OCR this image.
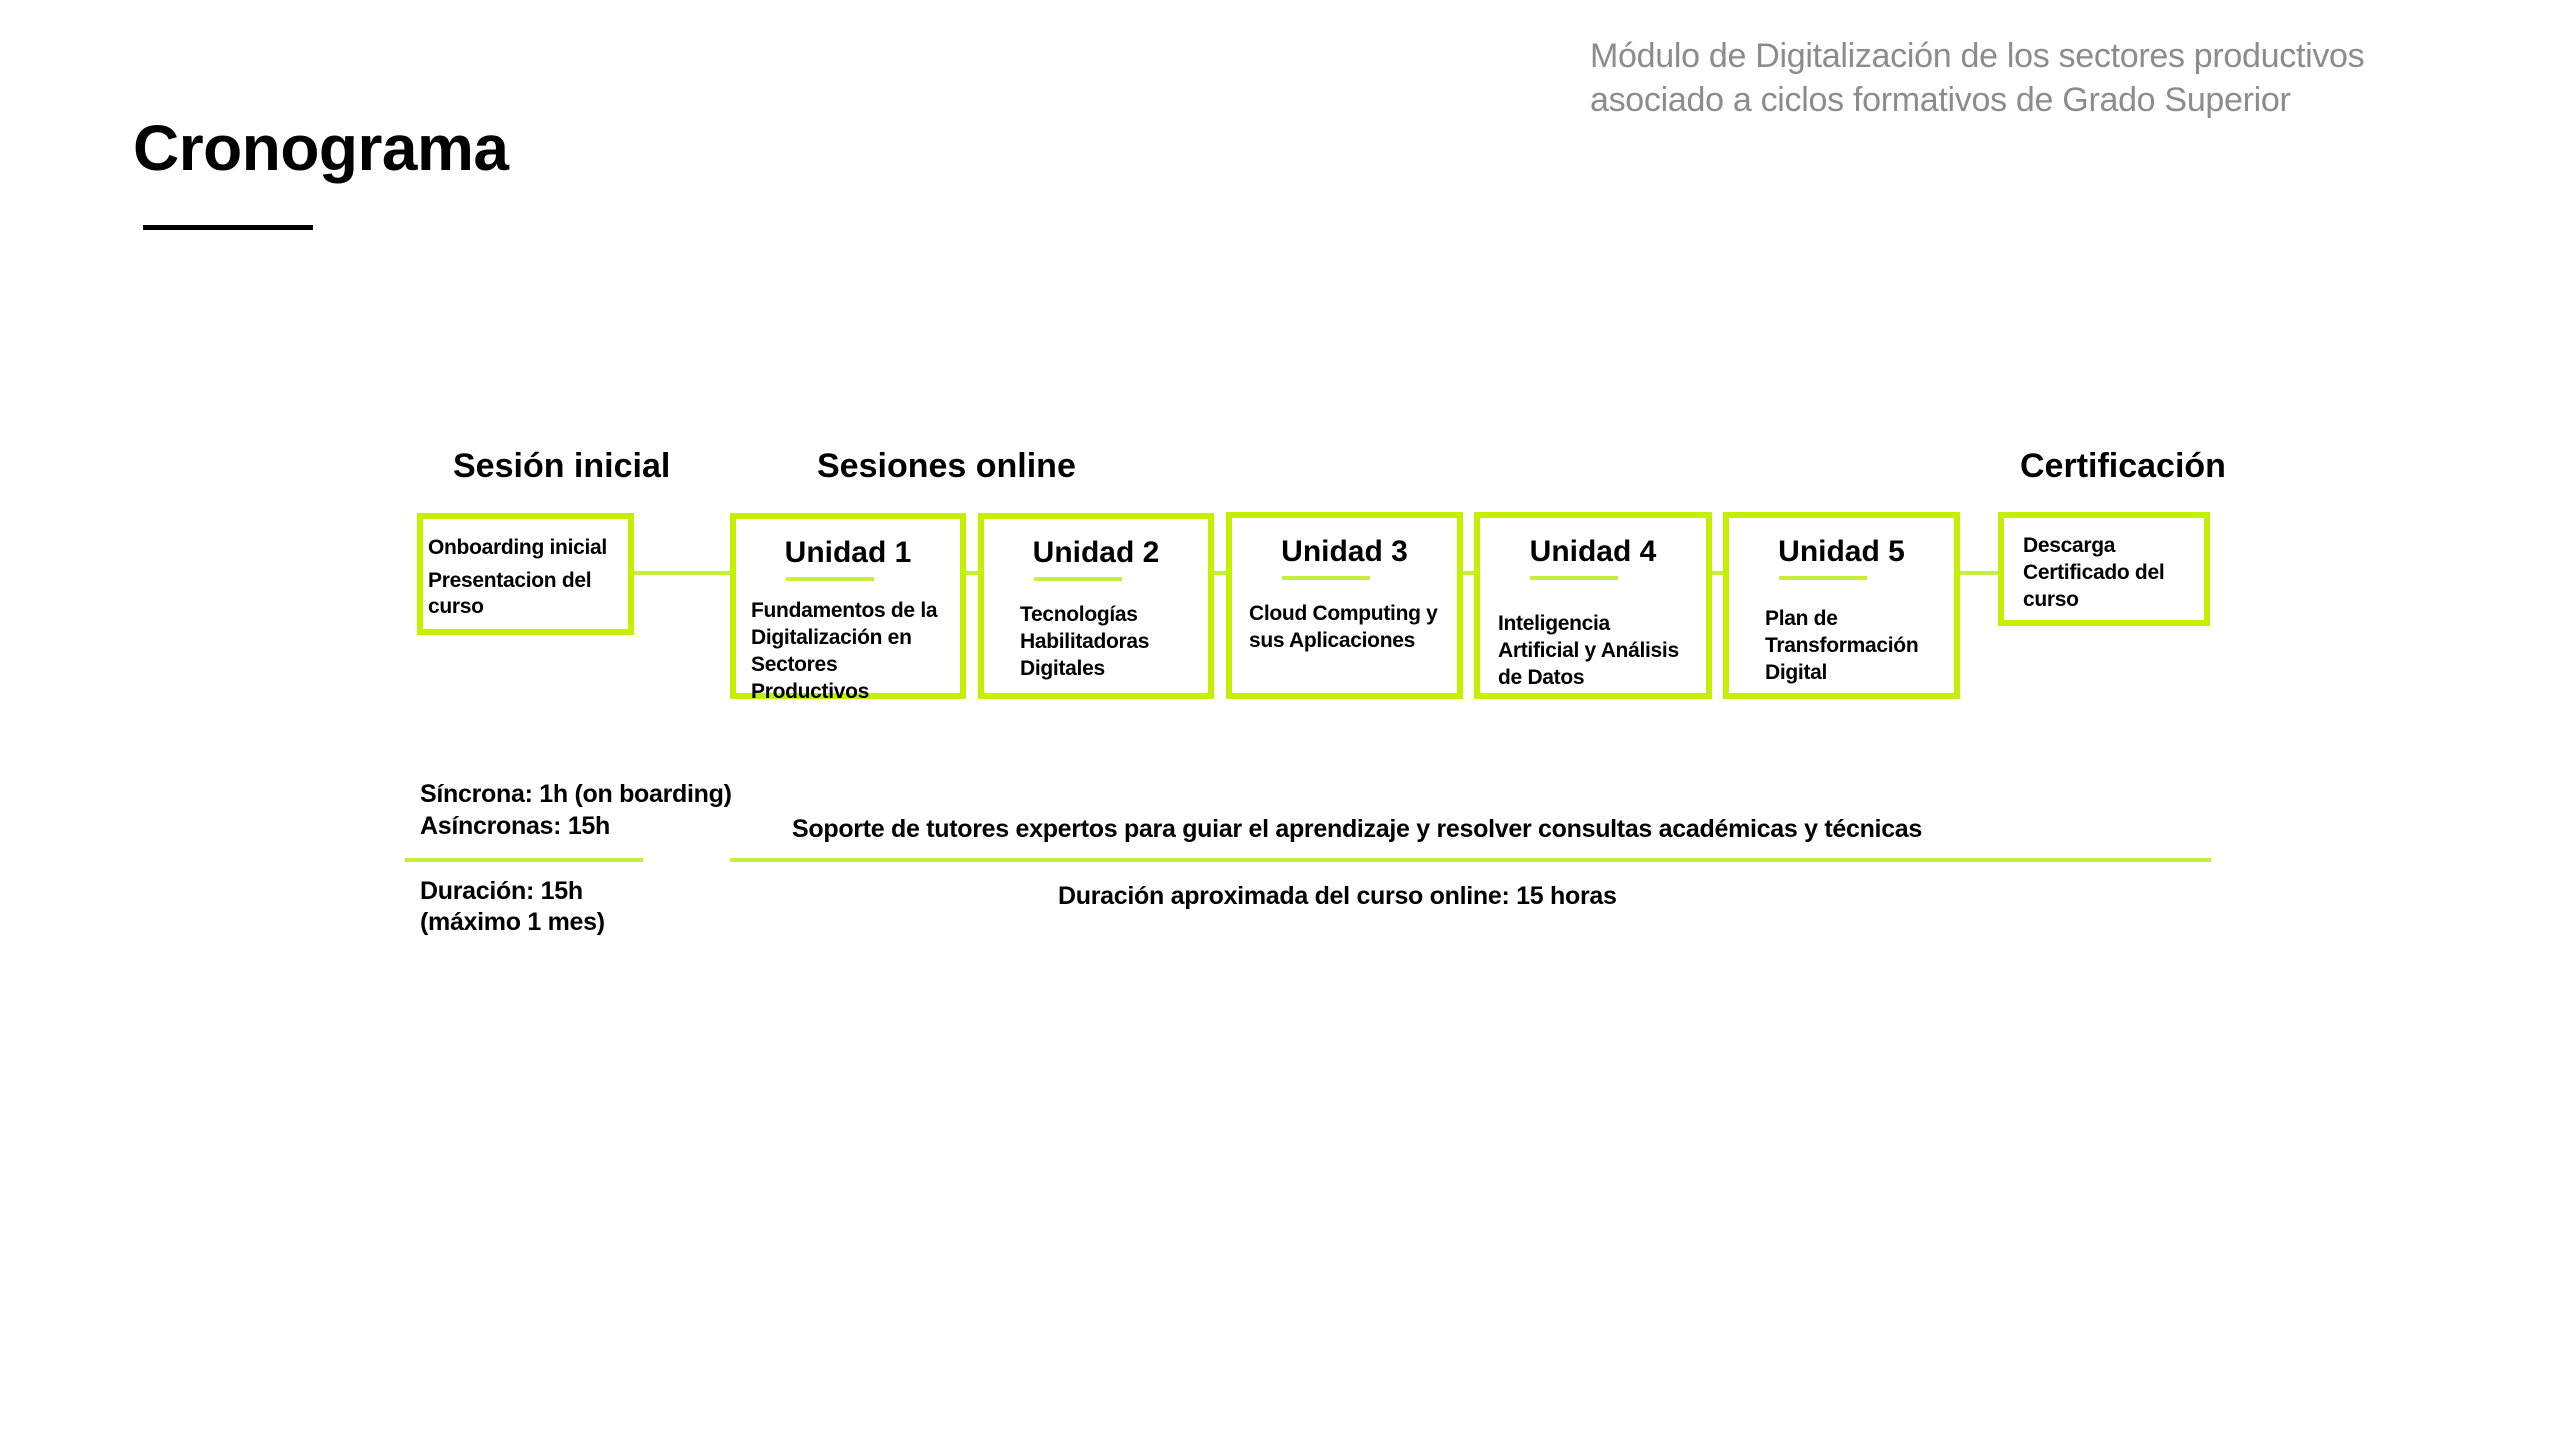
Módulo de Digitalización de los sectores productivos
asociado a ciclos formativos de Grado Superior
Cronograma
Sesión inicial	Sesiones online	Certificación
Onboarding inicial
Presentacion del
curso
Unidad 1
Fundamentos de la
Digitalización en
Sectores
Productivos
Unidad 2
Tecnologías
Habilitadoras
Digitales
Unidad 3
Cloud Computing y
sus Aplicaciones
Unidad 4
Inteligencia
Artificial y Análisis
de Datos
Unidad 5
Plan de
Transformación
Digital
Descarga
Certificado del
curso
Síncrona: 1h (on boarding)
Asíncronas: 15h
Duración: 15h
(máximo 1 mes)
Soporte de tutores expertos para guiar el aprendizaje y resolver consultas académicas y técnicas
Duración aproximada del curso online: 15 horas
